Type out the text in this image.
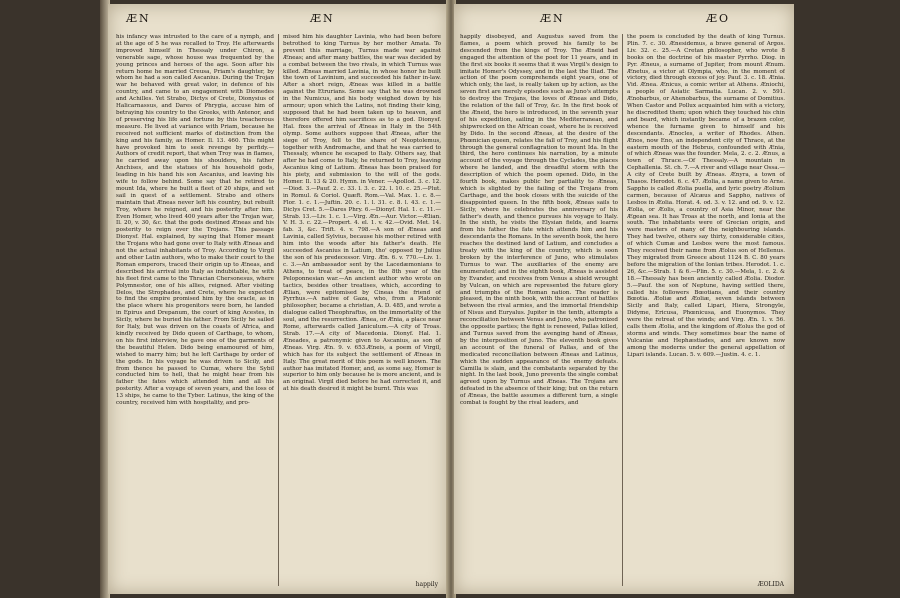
ÆN	ÆN

his infancy was intrusted to the care of a nymph, and at the age of 5 he was recalled to Troy. He afterwards improved himself in Thessaly under Chiron, a venerable sage, whose house was frequented by the young princes and heroes of the age. Soon after his return home he married Creusa, Priam's daughter, by whom he had a son called Ascanius. During the Trojan war he behaved with great valor, in defence of his country, and came to an engagement with Diomedes and Achilles. Yet Strabo, Dictys of Crete, Dionysius of Halicarnassus, and Dares of Phrygia, accuse him of betraying his country to the Greeks, with Antenor, and of preserving his life and fortune by this treacherous measure. He lived at variance with Priam, because he received not sufficient marks of distinction from the king and his family, as Homer. Il. 13. 460. This might have provoked him to seek revenge by perfidy.—Authors of credit report, that when Troy was in flames, he carried away upon his shoulders, his father Anchises, and the statues of his household gods, leading in his hand his son Ascanius, and leaving his wife to follow behind. Some say that he retired to mount Ida, where he built a fleet of 20 ships, and set sail in quest of a settlement. Strabo and others maintain that Æneas never left his country, but rebuilt Troy, where he reigned, and his posterity after him. Even Homer, who lived 400 years after the Trojan war, Il. 20, v. 30, &c. that the gods destined Æneas and his posterity to reign over the Trojans. This passage Dionysf. Hal. explained, by saying that Homer meant the Trojans who had gone over to Italy with Æneas and not the actual inhabitants of Troy. According to Virgil and other Latin authors, who to make their court to the Roman emperors, traced their origin up to Æneas, and described his arrival into Italy as indubitable, he with his fleet first came to the Thracian Chersonesus, where Polymnestor, one of his allies, reigned. After visiting Delos, the Strophades, and Crete, where he expected to find the empire promised him by the oracle, as in the place where his progenitors were born, he landed in Epirus and Drepanum, the court of king Acestes, in Sicily, where he buried his father. From Sicily he sailed for Italy, but was driven on the coasts of Africa, and kindly received by Dido queen of Carthage, to whom, on his first interview, he gave one of the garments of the beautiful Helen. Dido being enamoured of him, wished to marry him; but he left Carthage by order of the gods. In his voyage he was driven to Sicily, and from thence he passed to Cumæ, where the Sybil conducted him to hell, that he might hear from his father the fates which attended him and all his posterity. After a voyage of seven years, and the loss of 13 ships, he came to the Tyber. Latinus, the king of the country, received him with hospitality, and pro-

mised him his daughter Lavinia, who had been before betrothed to king Turnus by her mother Amata. To prevent this marriage, Turnus made war against Æneas; and after many battles, the war was decided by a combat between the two rivals, in which Turnus was killed. Æneas married Lavinia, in whose honor he built the town of Lavinium, and succeeded his father in-law. After a short reign, Æneas was killed in a battle against the Etrurians. Some say that he was drowned in the Numicus, and his body weighed down by his armour; upon which the Latins, not finding their king, supposed that he had been taken up to heaven, and therefore offered him sacrifices as to a god. Dionysf. Hal. fixes the arrival of Æneas in Italy in the 54th olymp. Some authors suppose that Æneas, after the siege of Troy, fell to the share of Neoptolemus, together with Andromache, and that he was carried to Thessaly, whence he escaped to Italy. Others say, that after he had come to Italy, he returned to Troy, leaving Ascanius king of Latium. Æneas has been praised for his piety, and submission to the will of the gods. Homer. Il. 13 & 20. Hymn. in Vener. —Apollod. 3. c. 12.—Diod. 3.—Pauf. 2. c. 33. l. 3. c. 22. l. 10. c. 25.—Plut. in Romul. & Coriol. Quæft. Rom.—Val. Max. 1. c. 8.—Flor. 1. c. 1.—Juftin. 20. c. 1. l. 31. c. 8. l. 43. c. 1.—Diclys Cret. 5.—Dares Phry. 6.—Dionyf. Hal. 1. c. 11.—Strab. 13.—Liv. 1. c. 1.—Virg. Æn.—Aur. Victor.—Ælian. V. H. 3. c. 22.—Propert. 4. el. 1. v. 42.—Ovid. Met. 14. fab. 3, &c. Trift. 4. v. 798.—A son of Æneas and Lavinia, called Sylvius, because his mother retired with him into the woods after his father's death. He succeeded Ascanius in Latium, tho' opposed by Julius the son of his predecessor. Virg. Æn. 6. v. 770.—Liv. 1. c. 3.—An ambassador sent by the Lacedæmonians to Athens, to treat of peace, in the 8th year of the Peloponnesian war.—An ancient author who wrote on tactics, besides other treatises, which, according to Ælian, were epitomised by Cineas the friend of Pyrrhus.—A native of Gaza, who, from a Platonic philosopher, became a christian, A. D. 485, and wrote a dialogue called Theophraftus, on the immortality of the soul, and the resurrection. Ænea, or Ænia, a place near Rome, afterwards called Janiculum.—A city of Troas. Strab. 17.—A city of Macedonia. Dionyf. Hal. 1. Æneades, a patronymic given to Ascanius, as son of Æneas. Virg. Æn. 9. v. 653.Æneis, a poem of Virgil, which has for its subject the settlement of Æneas in Italy. The great merit of this poem is well known. The author has imitated Homer, and, as some say, Homer is superior to him only because he is more ancient, and is an original. Virgil died before he had corrected it, and at his death desired it might be burnt. This was

happily
ÆN	ÆO

happily disobeyed, and Augustus saved from the flames, a poem which proved his family to be descended from the kings of Troy. The Æneid had engaged the attention of the poet for 11 years, and in the first six books it seems that it was Virgil's design to imitate Homer's Odyssey, and in the last the Iliad. The action of the poem comprehends eight years, one of which only, the last, is really taken up by action, as the seven first are merely episodes such as Juno's attempts to destroy the Trojans, the loves of Æneas and Dido, the relation of the fall of Troy, &c. In the first book of the Æneid, the hero is introduced, in the seventh year of his expedition, sailing in the Mediterranean, and shipwrecked on the African coast, where he is received by Dido. In the second Æneas, at the desire of the Phœnician queen, relates the fall of Troy, and his flight through the general conflagration to mount Ida. In the third, the hero continues his narration, by a minute account of the voyage through the Cyclades, the places where he landed, and the dreadful storm with the description of which the poem opened. Dido, in the fourth book, makes public her partiality to Æneas, which is slighted by the failing of the Trojans from Carthage, and the book closes with the suicide of the disappointed queen. In the fifth book, Æneas sails to Sicily, where he celebrates the anniversary of his father's death, and thence pursues his voyage to Italy. In the sixth, he visits the Elysian fields, and learns from his father the fate which attends him and his descendants the Romans. In the seventh book, the hero reaches the destined land of Latium, and concludes a treaty with the king of the country, which is soon broken by the interference of Juno, who stimulates Turnus to war. The auxiliaries of the enemy are enumerated; and in the eighth book, Æneas is assisted by Evander, and receives from Venus a shield wrought by Vulcan, on which are represented the future glory and triumphs of the Roman nation. The reader is pleased, in the ninth book, with the account of battles between the rival armies, and the immortal friendship of Nisus and Euryalus. Jupiter in the tenth, attempts a reconciliation between Venus and Juno, who patronized the opposite parties; the fight is renewed, Pallas killed, and Turnus saved from the avenging hand of Æneas, by the interposition of Juno. The eleventh book gives an account of the funeral of Pallas, and of the medicated reconciliation between Æneas and Latinus, which the sudden appearance of the enemy defeats. Camilla is slain, and the combatants separated by the night. In the last book, Juno prevents the single combat agreed upon by Turnus and Æneas. The Trojans are defeated in the absence of their king; but on the return of Æneas, the battle assumes a different turn, a single combat is fought by the rival leaders, and

the poem is concluded by the death of king Turnus. Plin. 7. c. 30. Ænesidemus, a brave general of Argos. Liv. 32. c. 25.—A Cretan philosopher, who wrote 8 books on the doctrine of his master Pyrrho. Diog. in Pyr. Æneus, a surname of Jupiter, from mount Ænum. Ænetus, a victor at Olympia, who, in the moment of victory, died through excess of joy. Pauf. 3. c. 18. Ænia. Vid. Ænea. Ænicus, a comic writer at Athens. Æniochi, a people of Asiatic Sarmatia. Lucan. 2. v. 591. Ænobarbus, or Ahenobarbus, the surname of Domitius. When Castor and Pollux acquainted him with a victory, he discredited them; upon which they touched his chin and beard, which instantly became of a brazen color, whence the furname given to himself and his descendants. Ænocles, a writer of Rhodes. Athen. Ænos, now Eno, an independent city of Thrace, at the eastern mouth of the Hebrus, confounded with Ænia, of which Æneas was the founder. Mela, 2. c. 2. Ænus, a town of Thrace.—Of Thessaly.—A mountain in Cephallenia. St. ch. 7.—A river and village near Ossa.—A city of Crete built by Æneas. Ænyra, a town of Thasos. Herodot. 6. c. 47. Æolia, a name given to Arne. Sappho is called Æolia puella, and lyric poetry Æolium carmen, because of Alcæus and Sappho, natives of Lesbos in Æolia. Horat. 4. od. 3. v. 12. and od. 9. v. 12. Æolia, or Æolis, a country of Asia Minor, near the Ægean sea. It has Troas at the north, and Ionia at the south. The inhabitants were of Grecian origin, and were masters of many of the neighbouring islands. They had twelve, others say thirty, considerable cities, of which Cumæ and Lesbos were the most famous. They received their name from Æolus son of Hellenus. They migrated from Greece about 1124 B. C. 80 years before the migration of the Ionian tribes. Herodot. 1. c. 26, &c.—Strab. 1 & 6.—Plin. 5. c. 30.—Mela, 1. c. 2. & 18.—Thessaly has been anciently called Æolia. Diodor. 5.—Pauf. the son of Neptune, having settled there, called his followers Bœotians, and their country Bœotia. Æoliæ and Æoliæ, seven islands between Sicily and Italy, called Lipari, Hiera, Strongyle, Didyme, Ericusa, Phœnicusa, and Euonymos. They were the retreat of the winds; and Virg. Æn. 1. v. 56. calls them Æolia, and the kingdom of Æolus the god of storms and winds. They sometimes bear the name of Vulcaniæ and Hephæstiades, and are known now among the moderns under the general appellation of Lipari islands. Lucan. 5. v. 609.—Justin. 4. c. 1.

ÆOLIDA
